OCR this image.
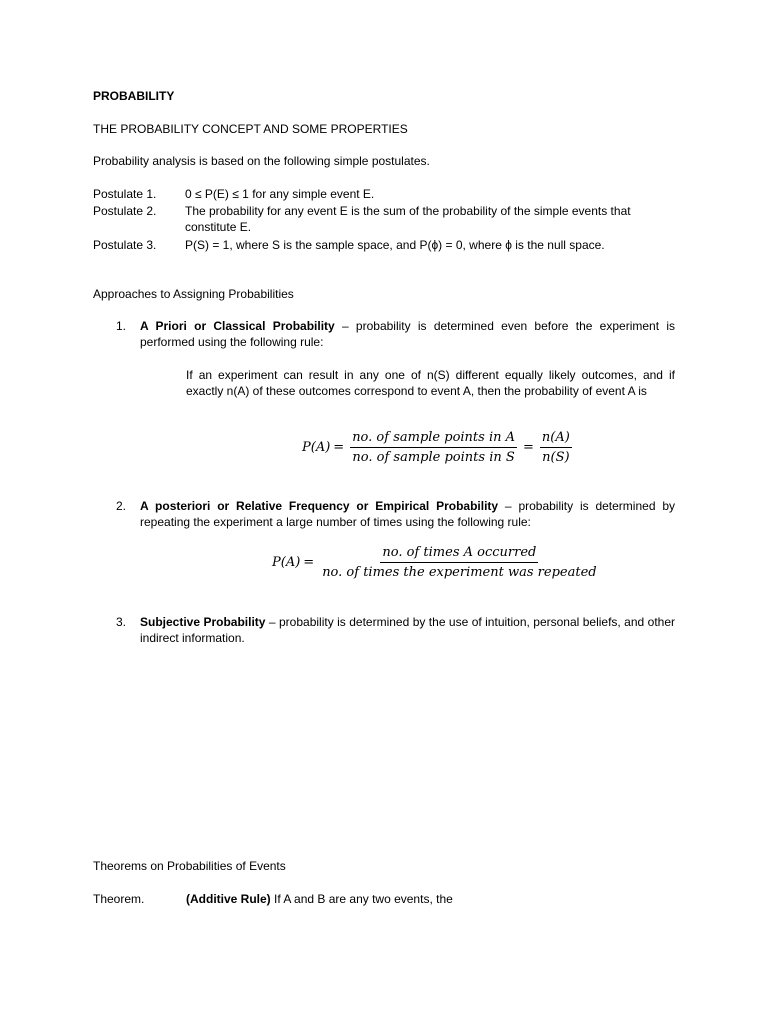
PROBABILITY
THE PROBABILITY CONCEPT AND SOME PROPERTIES
Probability analysis is based on the following simple postulates.
Postulate 1. 0 ≤ P(E) ≤ 1 for any simple event E.
Postulate 2. The probability for any event E is the sum of the probability of the simple events that constitute E.
Postulate 3. P(S) = 1, where S is the sample space, and P(ϕ) = 0, where ϕ is the null space.
Approaches to Assigning Probabilities
1. A Priori or Classical Probability – probability is determined even before the experiment is performed using the following rule:
If an experiment can result in any one of n(S) different equally likely outcomes, and if exactly n(A) of these outcomes correspond to event A, then the probability of event A is
$P(A) = \frac{\text{no. of sample points in A}}{\text{no. of sample points in S}} = \frac{n(A)}{n(S)}$
2. A posteriori or Relative Frequency or Empirical Probability – probability is determined by repeating the experiment a large number of times using the following rule:
$P(A) = \frac{\text{no. of times A occurred}}{\text{no. of times the experiment was repeated}}$
3. Subjective Probability – probability is determined by the use of intuition, personal beliefs, and other indirect information.
Theorems on Probabilities of Events
Theorem.	(Additive Rule) If A and B are any two events, the
